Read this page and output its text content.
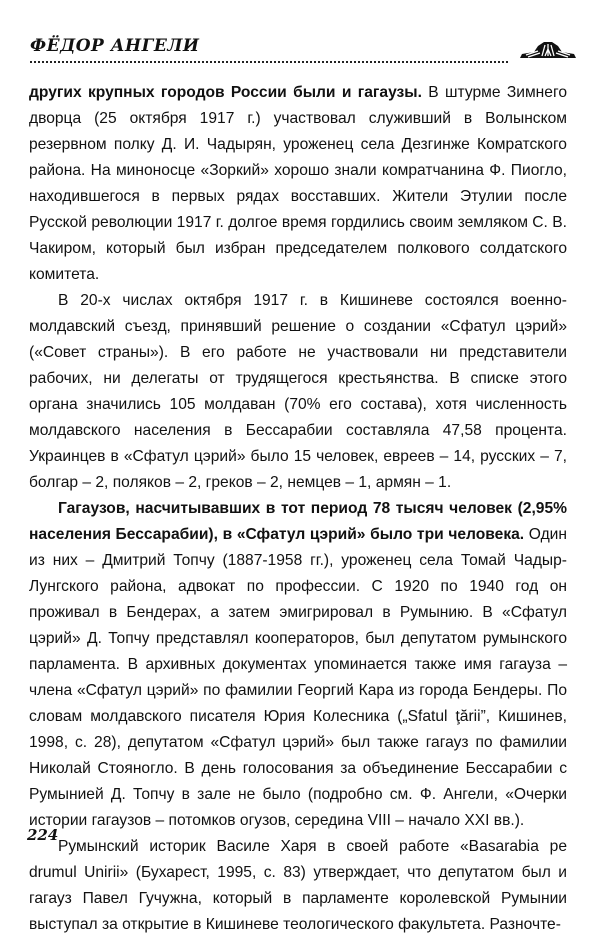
ФЁДОР АНГЕЛИ

других крупных городов России были и гагаузы. В штурме Зимнего дворца (25 октября 1917 г.) участвовал служивший в Волынском резервном полку Д. И. Чадырян, уроженец села Дезгинже Комратского района. На миноносце «Зоркий» хорошо знали комратчанина Ф. Пиогло, находившегося в первых рядах восставших. Жители Этулии после Русской революции 1917 г. долгое время гордились своим земляком С. В. Чакиром, который был избран председателем полкового солдатского комитета.

В 20-х числах октября 1917 г. в Кишиневе состоялся военно-молдавский съезд, принявший решение о создании «Сфатул цэрий» («Совет страны»). В его работе не участвовали ни представители рабочих, ни делегаты от трудящегося крестьянства. В списке этого органа значились 105 молдаван (70% его состава), хотя численность молдавского населения в Бессарабии составляла 47,58 процента. Украинцев в «Сфатул цэрий» было 15 человек, евреев – 14, русских – 7, болгар – 2, поляков – 2, греков – 2, немцев – 1, армян – 1.

Гагаузов, насчитывавших в тот период 78 тысяч человек (2,95% населения Бессарабии), в «Сфатул цэрий» было три человека. Один из них – Дмитрий Топчу (1887-1958 гг.), уроженец села Томай Чадыр-Лунгского района, адвокат по профессии. С 1920 по 1940 год он проживал в Бендерах, а затем эмигрировал в Румынию. В «Сфатул цэрий» Д. Топчу представлял кооператоров, был депутатом румынского парламента. В архивных документах упоминается также имя гагауза – члена «Сфатул цэрий» по фамилии Георгий Кара из города Бендеры. По словам молдавского писателя Юрия Колесника („Sfatul ţării”, Кишинев, 1998, с. 28), депутатом «Сфатул цэрий» был также гагауз по фамилии Николай Стояногло. В день голосования за объединение Бессарабии с Румынией Д. Топчу в зале не было (подробно см. Ф. Ангели, «Очерки истории гагаузов – потомков огузов, середина VIII – начало XXI вв.).

Румынский историк Василе Харя в своей работе «Basarabia pe drumul Unirii» (Бухарест, 1995, с. 83) утверждает, что депутатом был и гагауз Павел Гучужна, который в парламенте королевской Румынии выступал за открытие в Кишиневе теологического факультета. Разночте-

224
